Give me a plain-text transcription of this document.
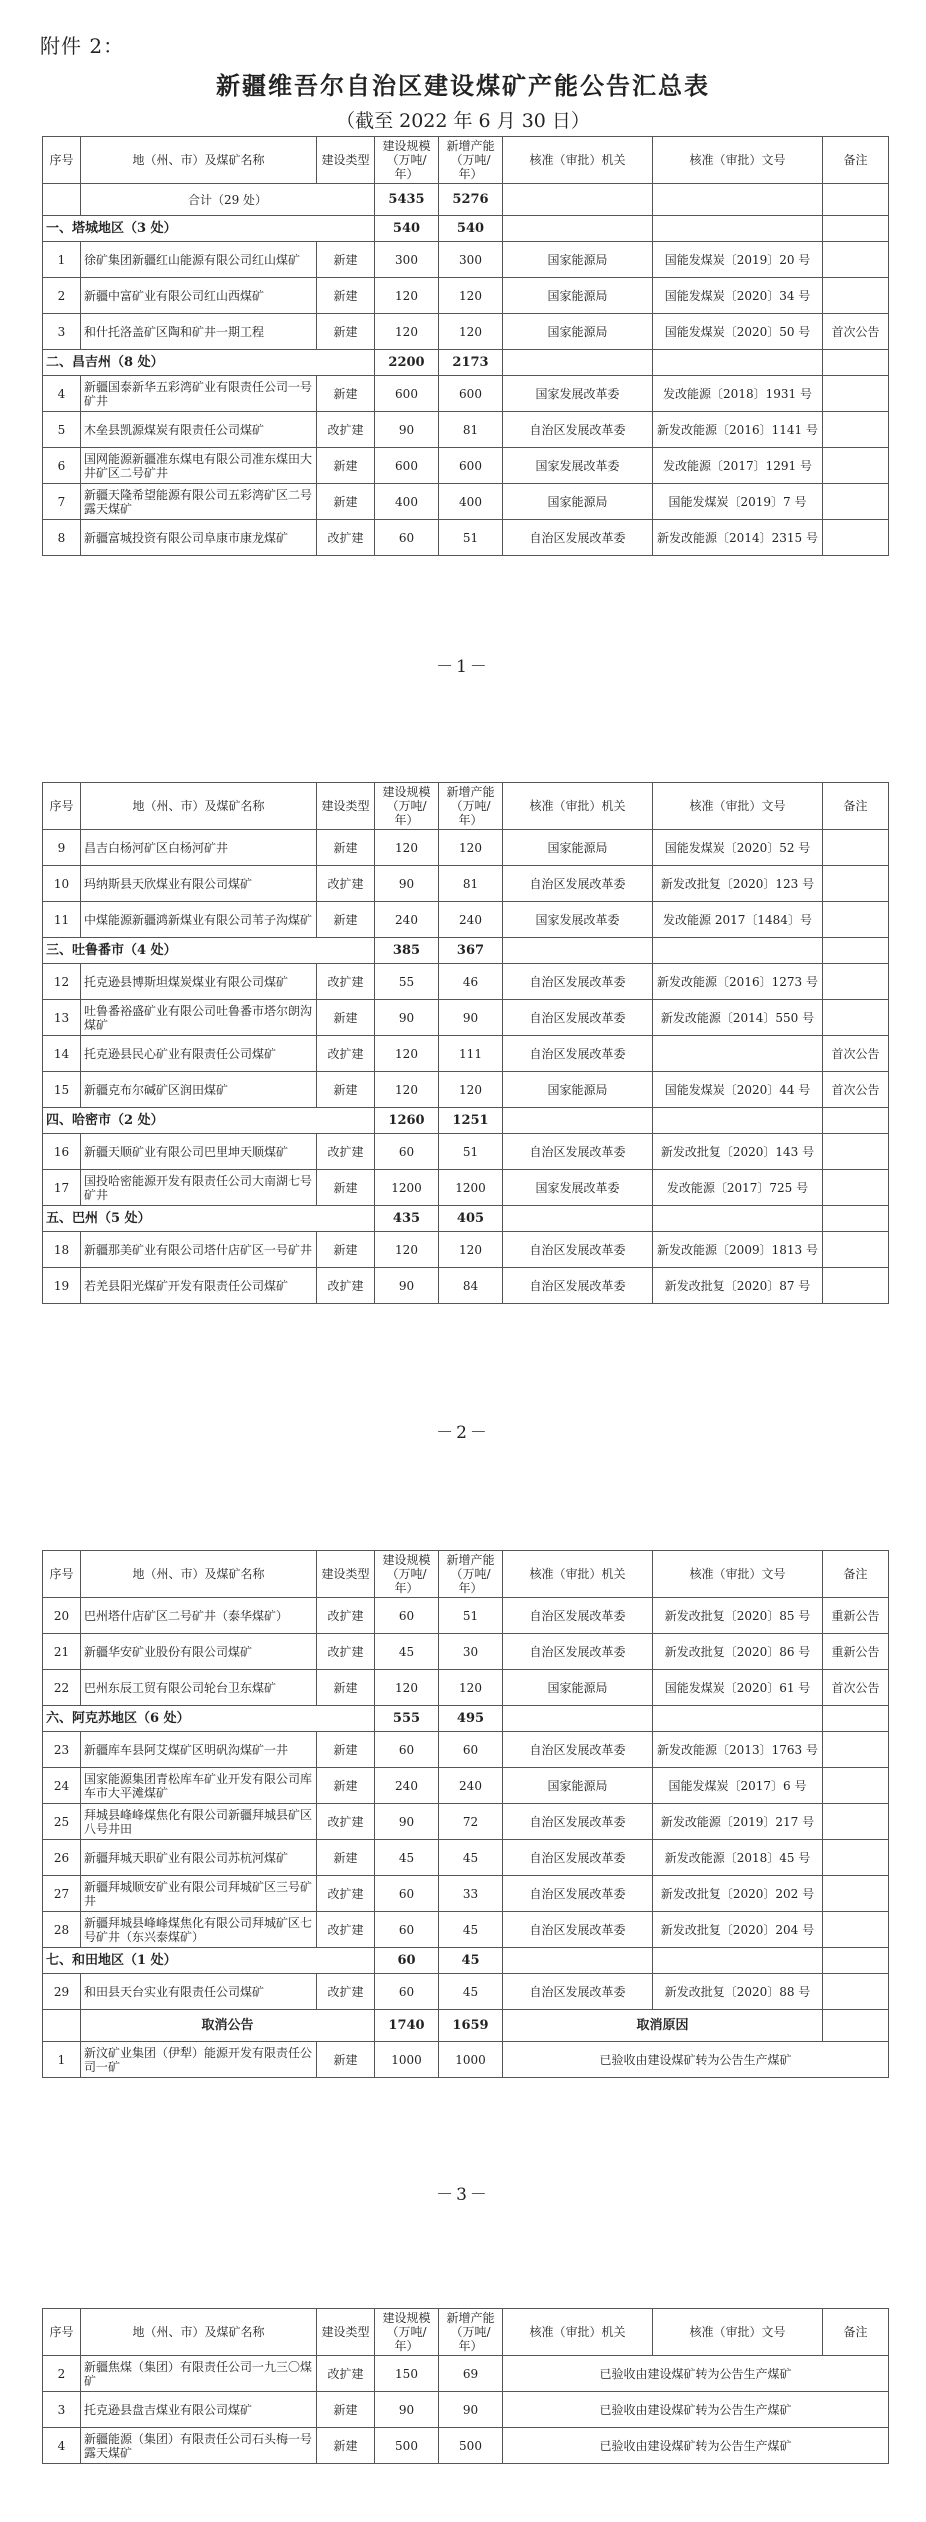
附件 2：
新疆维吾尔自治区建设煤矿产能公告汇总表
（截至 2022 年 6 月 30 日）
序号	地（州、市）及煤矿名称	建设类型	建设规模（万吨/年）	新增产能（万吨/年）	核准（审批）机关	核准（审批）文号	备注
	合计（29 处）		5435	5276			
一、塔城地区（3 处）			540	540			
1	徐矿集团新疆红山能源有限公司红山煤矿	新建	300	300	国家能源局	国能发煤炭〔2019〕20 号	
2	新疆中富矿业有限公司红山西煤矿	新建	120	120	国家能源局	国能发煤炭〔2020〕34 号	
3	和什托洛盖矿区陶和矿井一期工程	新建	120	120	国家能源局	国能发煤炭〔2020〕50 号	首次公告
二、昌吉州（8 处）			2200	2173			
4	新疆国泰新华五彩湾矿业有限责任公司一号矿井	新建	600	600	国家发展改革委	发改能源〔2018〕1931 号	
5	木垒县凯源煤炭有限责任公司煤矿	改扩建	90	81	自治区发展改革委	新发改能源〔2016〕1141 号	
6	国网能源新疆准东煤电有限公司准东煤田大井矿区二号矿井	新建	600	600	国家发展改革委	发改能源〔2017〕1291 号	
7	新疆天隆希望能源有限公司五彩湾矿区二号露天煤矿	新建	400	400	国家能源局	国能发煤炭〔2019〕7 号	
8	新疆富城投资有限公司阜康市康龙煤矿	改扩建	60	51	自治区发展改革委	新发改能源〔2014〕2315 号	
－1－
序号	地（州、市）及煤矿名称	建设类型	建设规模（万吨/年）	新增产能（万吨/年）	核准（审批）机关	核准（审批）文号	备注
9	昌吉白杨河矿区白杨河矿井	新建	120	120	国家能源局	国能发煤炭〔2020〕52 号	
10	玛纳斯县天欣煤业有限公司煤矿	改扩建	90	81	自治区发展改革委	新发改批复〔2020〕123 号	
11	中煤能源新疆鸿新煤业有限公司苇子沟煤矿	新建	240	240	国家发展改革委	发改能源 2017〔1484〕号	
三、吐鲁番市（4 处）			385	367			
12	托克逊县博斯坦煤炭煤业有限公司煤矿	改扩建	55	46	自治区发展改革委	新发改能源〔2016〕1273 号	
13	吐鲁番裕盛矿业有限公司吐鲁番市塔尔朗沟煤矿	新建	90	90	自治区发展改革委	新发改能源〔2014〕550 号	
14	托克逊县民心矿业有限责任公司煤矿	改扩建	120	111	自治区发展改革委		首次公告
15	新疆克布尔碱矿区润田煤矿	新建	120	120	国家能源局	国能发煤炭〔2020〕44 号	首次公告
四、哈密市（2 处）			1260	1251			
16	新疆天顺矿业有限公司巴里坤天顺煤矿	改扩建	60	51	自治区发展改革委	新发改批复〔2020〕143 号	
17	国投哈密能源开发有限责任公司大南湖七号矿井	新建	1200	1200	国家发展改革委	发改能源〔2017〕725 号	
五、巴州（5 处）			435	405			
18	新疆那美矿业有限公司塔什店矿区一号矿井	新建	120	120	自治区发展改革委	新发改能源〔2009〕1813 号	
19	若羌县阳光煤矿开发有限责任公司煤矿	改扩建	90	84	自治区发展改革委	新发改批复〔2020〕87 号	
－2－
序号	地（州、市）及煤矿名称	建设类型	建设规模（万吨/年）	新增产能（万吨/年）	核准（审批）机关	核准（审批）文号	备注
20	巴州塔什店矿区二号矿井（泰华煤矿）	改扩建	60	51	自治区发展改革委	新发改批复〔2020〕85 号	重新公告
21	新疆华安矿业股份有限公司煤矿	改扩建	45	30	自治区发展改革委	新发改批复〔2020〕86 号	重新公告
22	巴州东辰工贸有限公司轮台卫东煤矿	新建	120	120	国家能源局	国能发煤炭〔2020〕61 号	首次公告
六、阿克苏地区（6 处）			555	495			
23	新疆库车县阿艾煤矿区明矾沟煤矿一井	新建	60	60	自治区发展改革委	新发改能源〔2013〕1763 号	
24	国家能源集团青松库车矿业开发有限公司库车市大平滩煤矿	新建	240	240	国家能源局	国能发煤炭〔2017〕6 号	
25	拜城县峰峰煤焦化有限公司新疆拜城县矿区八号井田	改扩建	90	72	自治区发展改革委	新发改能源〔2019〕217 号	
26	新疆拜城天职矿业有限公司苏杭河煤矿	新建	45	45	自治区发展改革委	新发改能源〔2018〕45 号	
27	新疆拜城顺安矿业有限公司拜城矿区三号矿井	改扩建	60	33	自治区发展改革委	新发改批复〔2020〕202 号	
28	新疆拜城县峰峰煤焦化有限公司拜城矿区七号矿井（东兴泰煤矿）	改扩建	60	45	自治区发展改革委	新发改批复〔2020〕204 号	
七、和田地区（1 处）			60	45			
29	和田县天台实业有限责任公司煤矿	改扩建	60	45	自治区发展改革委	新发改批复〔2020〕88 号	
	取消公告		1740	1659	取消原因		
1	新汶矿业集团（伊犁）能源开发有限责任公司一矿	新建	1000	1000	已验收由建设煤矿转为公告生产煤矿		
－3－
序号	地（州、市）及煤矿名称	建设类型	建设规模（万吨/年）	新增产能（万吨/年）	核准（审批）机关	核准（审批）文号	备注
2	新疆焦煤（集团）有限责任公司一九三〇煤矿	改扩建	150	69	已验收由建设煤矿转为公告生产煤矿		
3	托克逊县盘吉煤业有限公司煤矿	新建	90	90	已验收由建设煤矿转为公告生产煤矿		
4	新疆能源（集团）有限责任公司石头梅一号露天煤矿	新建	500	500	已验收由建设煤矿转为公告生产煤矿		
